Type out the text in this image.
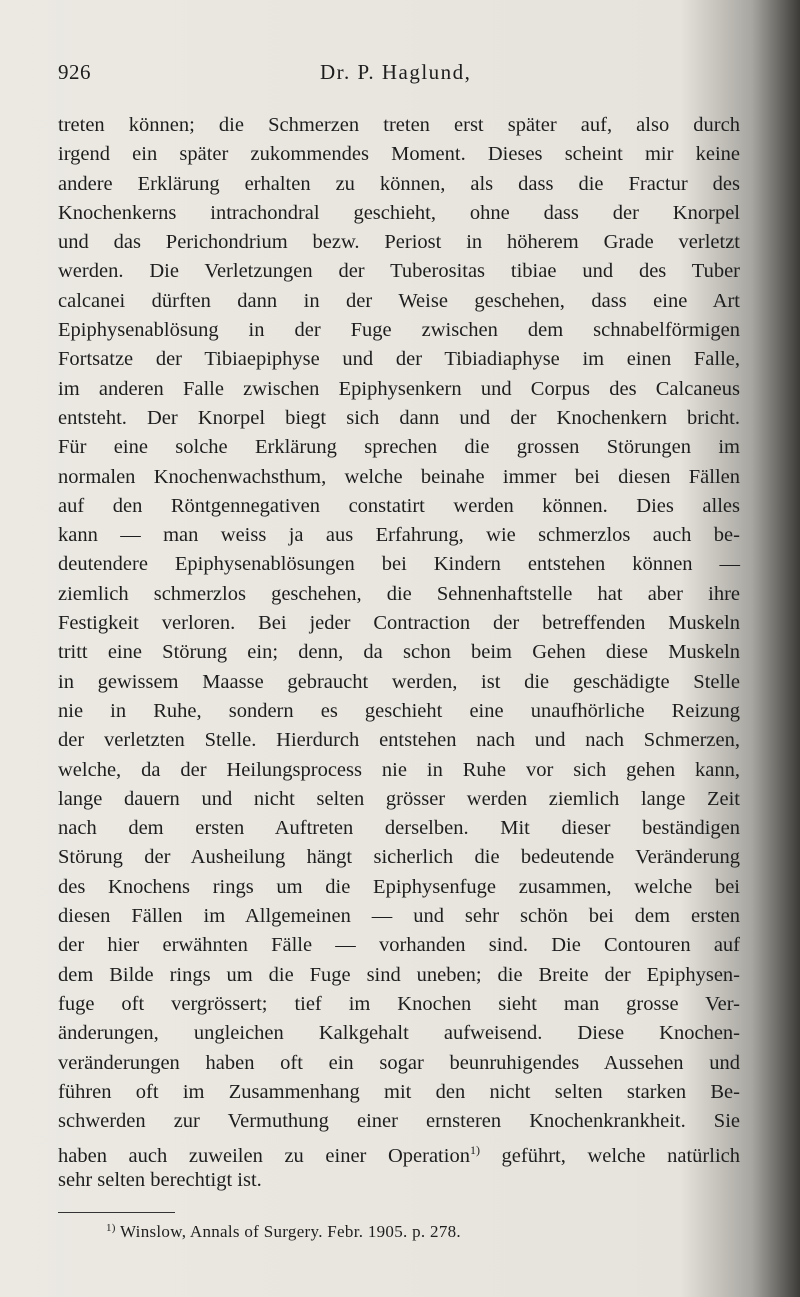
926	Dr. P. Haglund,
treten können; die Schmerzen treten erst später auf, also durch
irgend ein später zukommendes Moment. Dieses scheint mir keine
andere Erklärung erhalten zu können, als dass die Fractur des
Knochenkerns intrachondral geschieht, ohne dass der Knorpel
und das Perichondrium bezw. Periost in höherem Grade verletzt
werden. Die Verletzungen der Tuberositas tibiae und des Tuber
calcanei dürften dann in der Weise geschehen, dass eine Art
Epiphysenablösung in der Fuge zwischen dem schnabelförmigen
Fortsatze der Tibiaepiphyse und der Tibiadiaphyse im einen Falle,
im anderen Falle zwischen Epiphysenkern und Corpus des Calcaneus
entsteht. Der Knorpel biegt sich dann und der Knochenkern bricht.
Für eine solche Erklärung sprechen die grossen Störungen im
normalen Knochenwachsthum, welche beinahe immer bei diesen Fällen
auf den Röntgennegativen constatirt werden können. Dies alles
kann — man weiss ja aus Erfahrung, wie schmerzlos auch be-
deutendere Epiphysenablösungen bei Kindern entstehen können —
ziemlich schmerzlos geschehen, die Sehnenhaftstelle hat aber ihre
Festigkeit verloren. Bei jeder Contraction der betreffenden Muskeln
tritt eine Störung ein; denn, da schon beim Gehen diese Muskeln
in gewissem Maasse gebraucht werden, ist die geschädigte Stelle
nie in Ruhe, sondern es geschieht eine unaufhörliche Reizung
der verletzten Stelle. Hierdurch entstehen nach und nach Schmerzen,
welche, da der Heilungsprocess nie in Ruhe vor sich gehen kann,
lange dauern und nicht selten grösser werden ziemlich lange Zeit
nach dem ersten Auftreten derselben. Mit dieser beständigen
Störung der Ausheilung hängt sicherlich die bedeutende Veränderung
des Knochens rings um die Epiphysenfuge zusammen, welche bei
diesen Fällen im Allgemeinen — und sehr schön bei dem ersten
der hier erwähnten Fälle — vorhanden sind. Die Contouren auf
dem Bilde rings um die Fuge sind uneben; die Breite der Epiphysen-
fuge oft vergrössert; tief im Knochen sieht man grosse Ver-
änderungen, ungleichen Kalkgehalt aufweisend. Diese Knochen-
veränderungen haben oft ein sogar beunruhigendes Aussehen und
führen oft im Zusammenhang mit den nicht selten starken Be-
schwerden zur Vermuthung einer ernsteren Knochenkrankheit. Sie
haben auch zuweilen zu einer Operation$^{1)}$ geführt, welche natürlich
sehr selten berechtigt ist.
$^{1)}$ Winslow, Annals of Surgery. Febr. 1905. p. 278.
